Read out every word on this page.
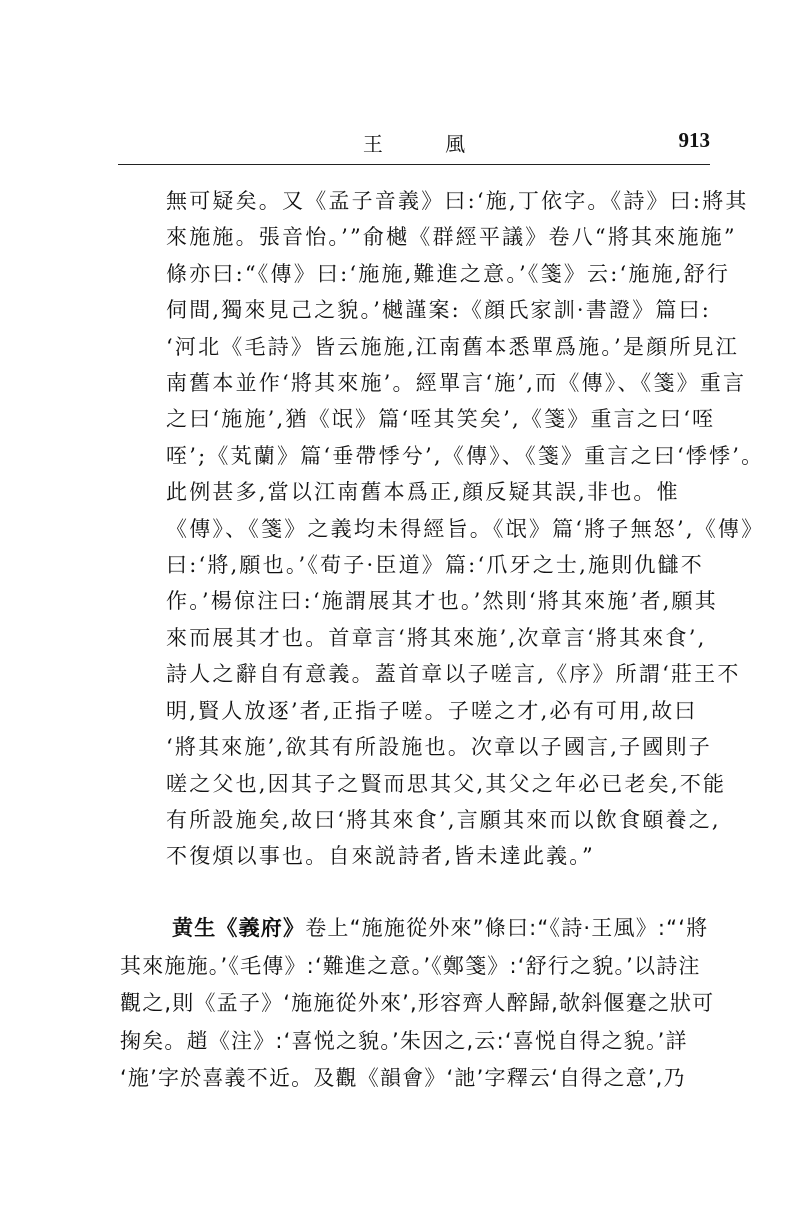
王 風	913

無可疑矣。又《孟子音義》曰:‘施,丁依字。《詩》曰:將其

來施施。張音怡。’”俞樾《群經平議》卷八“將其來施施”

條亦曰:“《傳》曰:‘施施,難進之意。’《箋》云:‘施施,舒行

伺間,獨來見己之貌。’樾謹案:《顔氏家訓·書證》篇曰:

‘河北《毛詩》皆云施施,江南舊本悉單爲施。’是顔所見江

南舊本並作‘將其來施’。經單言‘施’,而《傳》、《箋》重言

之曰‘施施’,猶《氓》篇‘咥其笑矣’,《箋》重言之曰‘咥

咥’;《芄蘭》篇‘垂帶悸兮’,《傳》、《箋》重言之曰‘悸悸’。

此例甚多,當以江南舊本爲正,顔反疑其誤,非也。惟

《傳》、《箋》之義均未得經旨。《氓》篇‘將子無怒’,《傳》

曰:‘將,願也。’《荀子·臣道》篇:‘爪牙之士,施則仇讎不

作。’楊倞注曰:‘施謂展其才也。’然則‘將其來施’者,願其

來而展其才也。首章言‘將其來施’,次章言‘將其來食’,

詩人之辭自有意義。蓋首章以子嗟言,《序》所謂‘莊王不

明,賢人放逐’者,正指子嗟。子嗟之才,必有可用,故曰

‘將其來施’,欲其有所設施也。次章以子國言,子國則子

嗟之父也,因其子之賢而思其父,其父之年必已老矣,不能

有所設施矣,故曰‘將其來食’,言願其來而以飲食頤養之,

不復煩以事也。自來説詩者,皆未達此義。”

黄生《義府》卷上“施施從外來”條曰:“《詩·王風》:“‘將

其來施施。’《毛傳》:‘難進之意。’《鄭箋》:‘舒行之貌。’以詩注

觀之,則《孟子》‘施施從外來’,形容齊人醉歸,欹斜偃蹇之狀可

掬矣。趙《注》:‘喜悦之貌。’朱因之,云:‘喜悦自得之貌。’詳

‘施’字於喜義不近。及觀《韻會》‘訑’字釋云‘自得之意’,乃
